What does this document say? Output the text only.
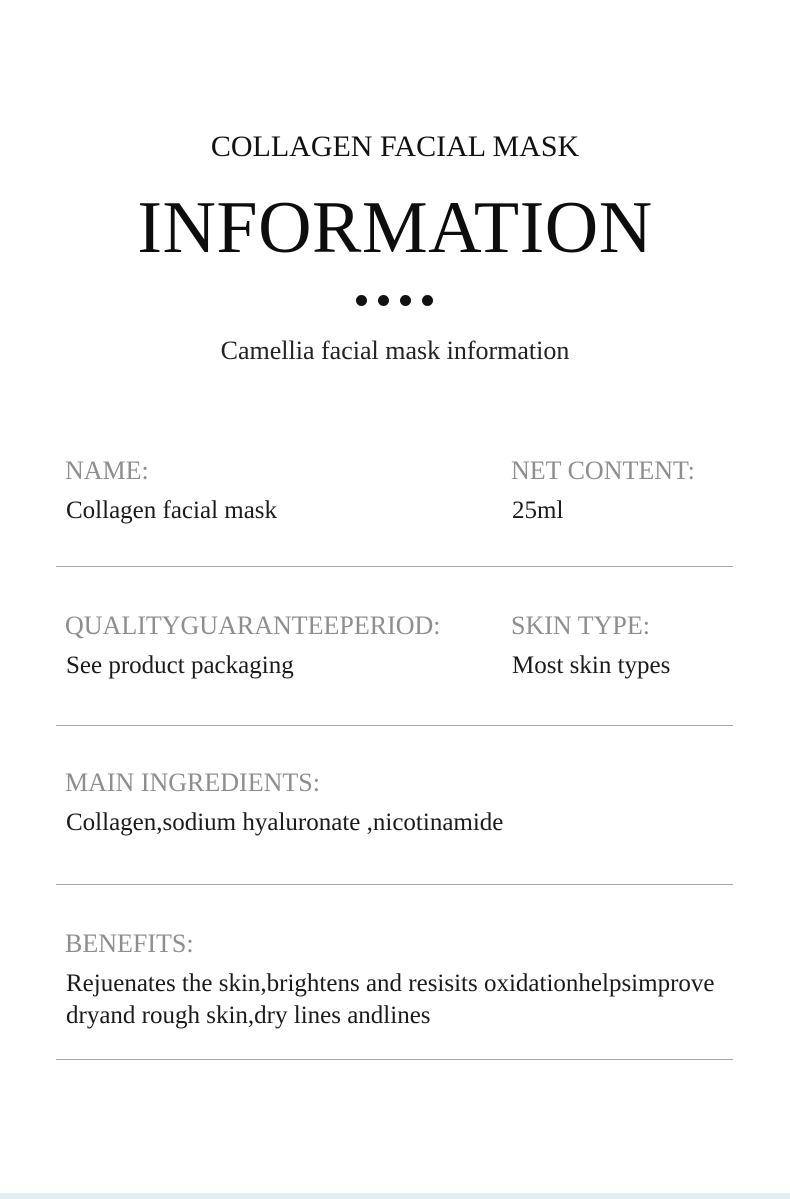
COLLAGEN FACIAL MASK
INFORMATION
Camellia facial mask information
NAME:
Collagen facial mask
NET CONTENT:
25ml
QUALITYGUARANTEEPERIOD:
See product packaging
SKIN TYPE:
Most skin types
MAIN INGREDIENTS:
Collagen,sodium hyaluronate ,nicotinamide
BENEFITS:
Rejuenates the skin,brightens and resisits oxidationhelpsimprove
dryand rough skin,dry lines andlines
